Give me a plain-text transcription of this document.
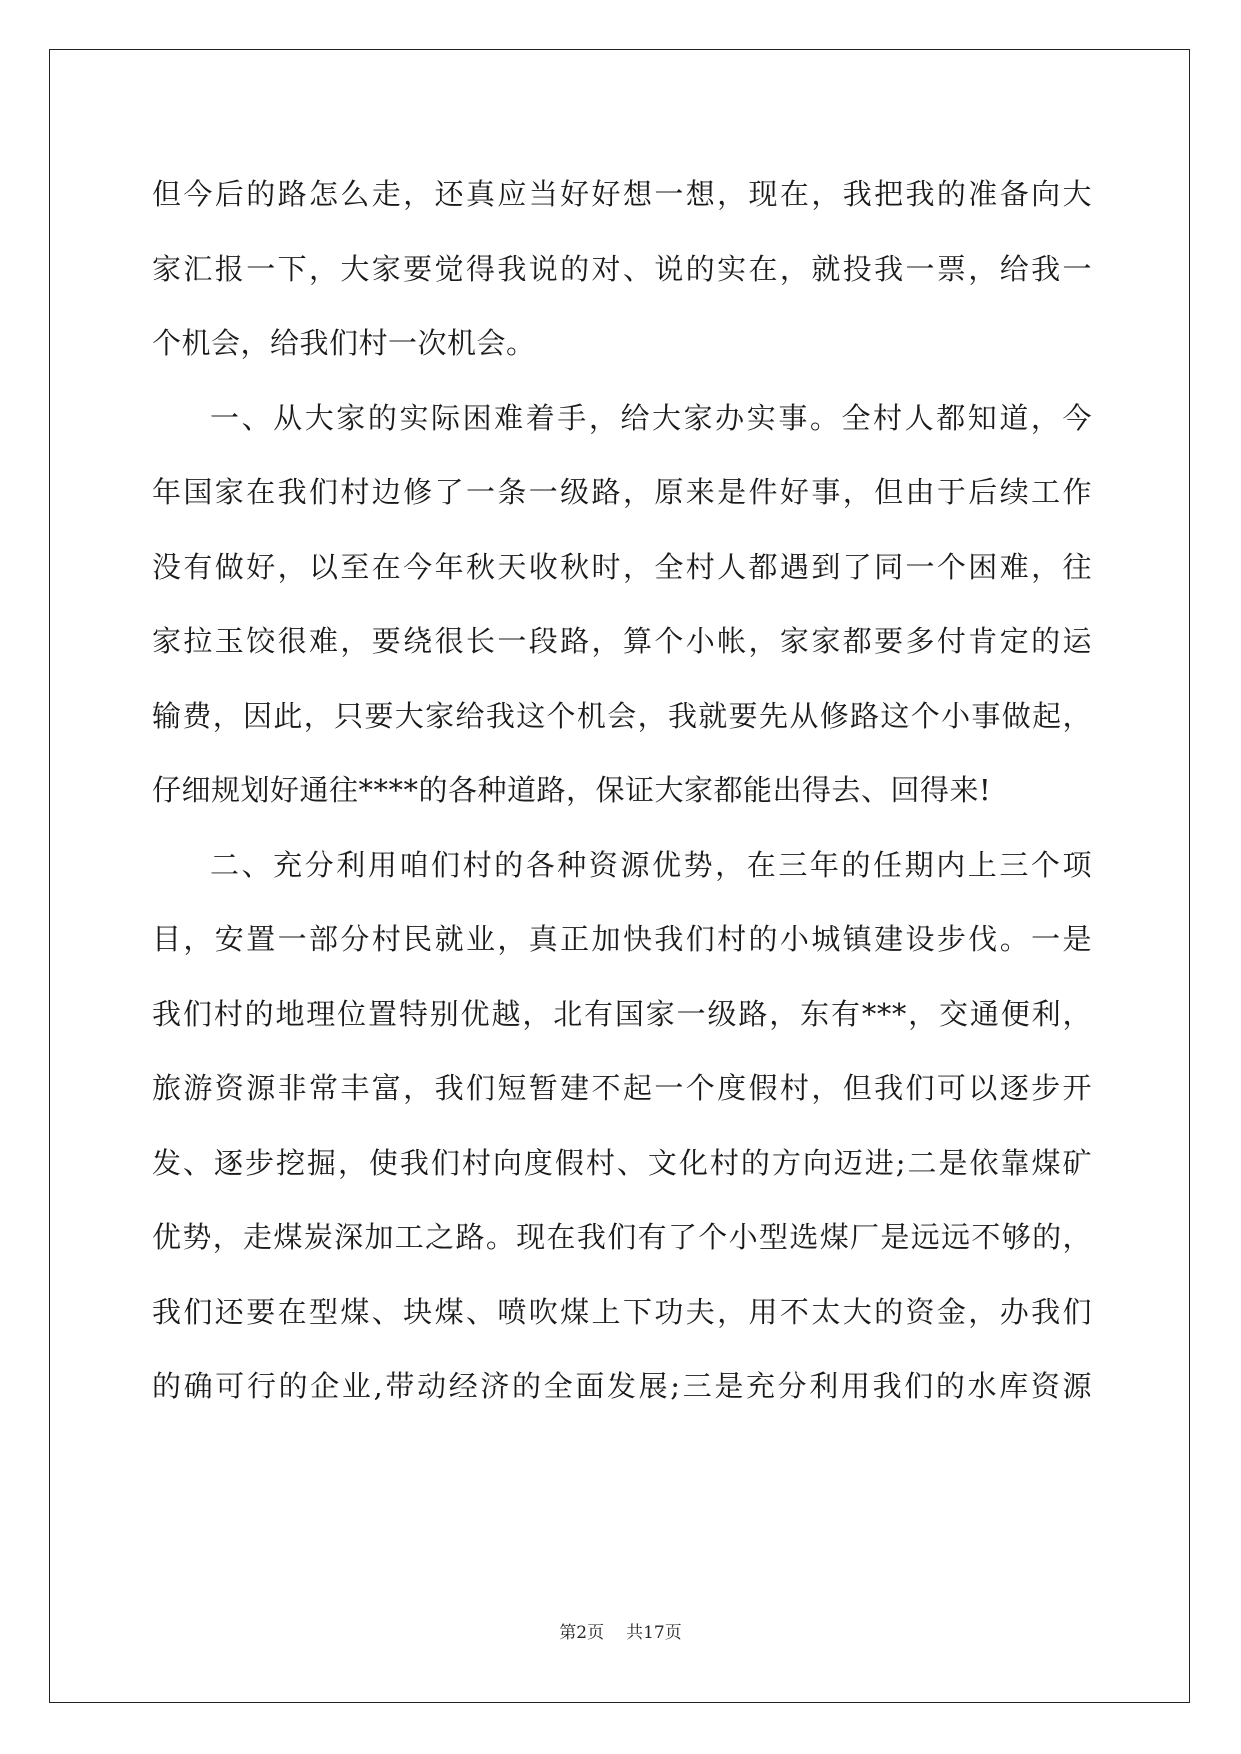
但今后的路怎么走，还真应当好好想一想，现在，我把我的准备向大
家汇报一下，大家要觉得我说的对、说的实在，就投我一票，给我一
个机会，给我们村一次机会。
一、从大家的实际困难着手，给大家办实事。全村人都知道，今
年国家在我们村边修了一条一级路，原来是件好事，但由于后续工作
没有做好，以至在今年秋天收秋时，全村人都遇到了同一个困难，往
家拉玉饺很难，要绕很长一段路，算个小帐，家家都要多付肯定的运
输费，因此，只要大家给我这个机会，我就要先从修路这个小事做起，
仔细规划好通往****的各种道路，保证大家都能出得去、回得来!
二、充分利用咱们村的各种资源优势，在三年的任期内上三个项
目，安置一部分村民就业，真正加快我们村的小城镇建设步伐。一是
我们村的地理位置特别优越，北有国家一级路，东有***，交通便利，
旅游资源非常丰富，我们短暂建不起一个度假村，但我们可以逐步开
发、逐步挖掘，使我们村向度假村、文化村的方向迈进;二是依靠煤矿
优势，走煤炭深加工之路。现在我们有了个小型选煤厂是远远不够的，
我们还要在型煤、块煤、喷吹煤上下功夫，用不太大的资金，办我们
的确可行的企业,带动经济的全面发展;三是充分利用我们的水库资源
第2页 共17页
